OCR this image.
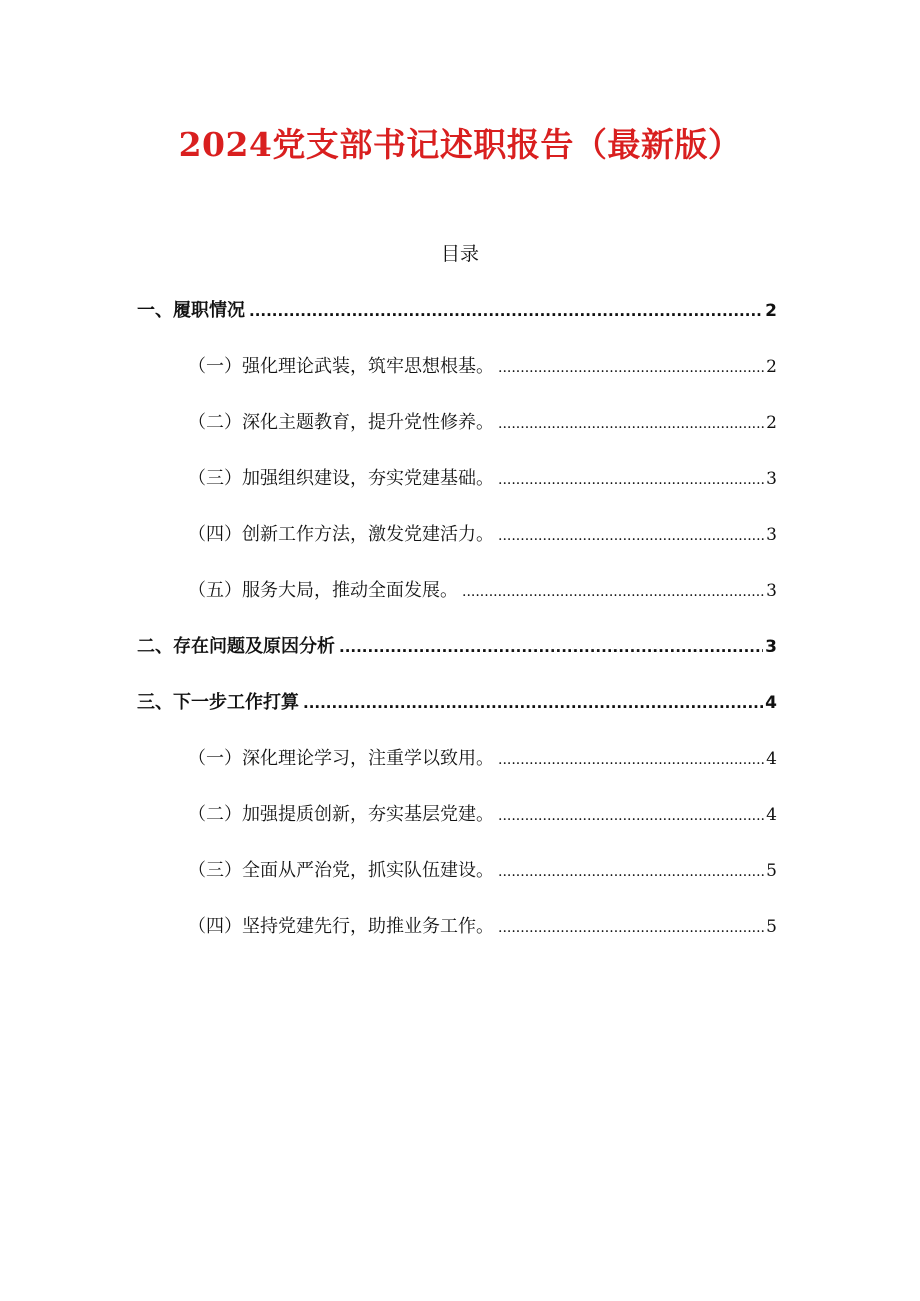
2024党支部书记述职报告（最新版）
目录
一、履职情况 .....	2
（一）强化理论武装，筑牢思想根基。 .....	2
（二）深化主题教育，提升党性修养。 .....	2
（三）加强组织建设，夯实党建基础。 .....	3
（四）创新工作方法，激发党建活力。 .....	3
（五）服务大局，推动全面发展。 .....	3
二、存在问题及原因分析 .....	3
三、下一步工作打算 .....	4
（一）深化理论学习，注重学以致用。 .....	4
（二）加强提质创新，夯实基层党建。 .....	4
（三）全面从严治党，抓实队伍建设。 .....	5
（四）坚持党建先行，助推业务工作。 .....	5
